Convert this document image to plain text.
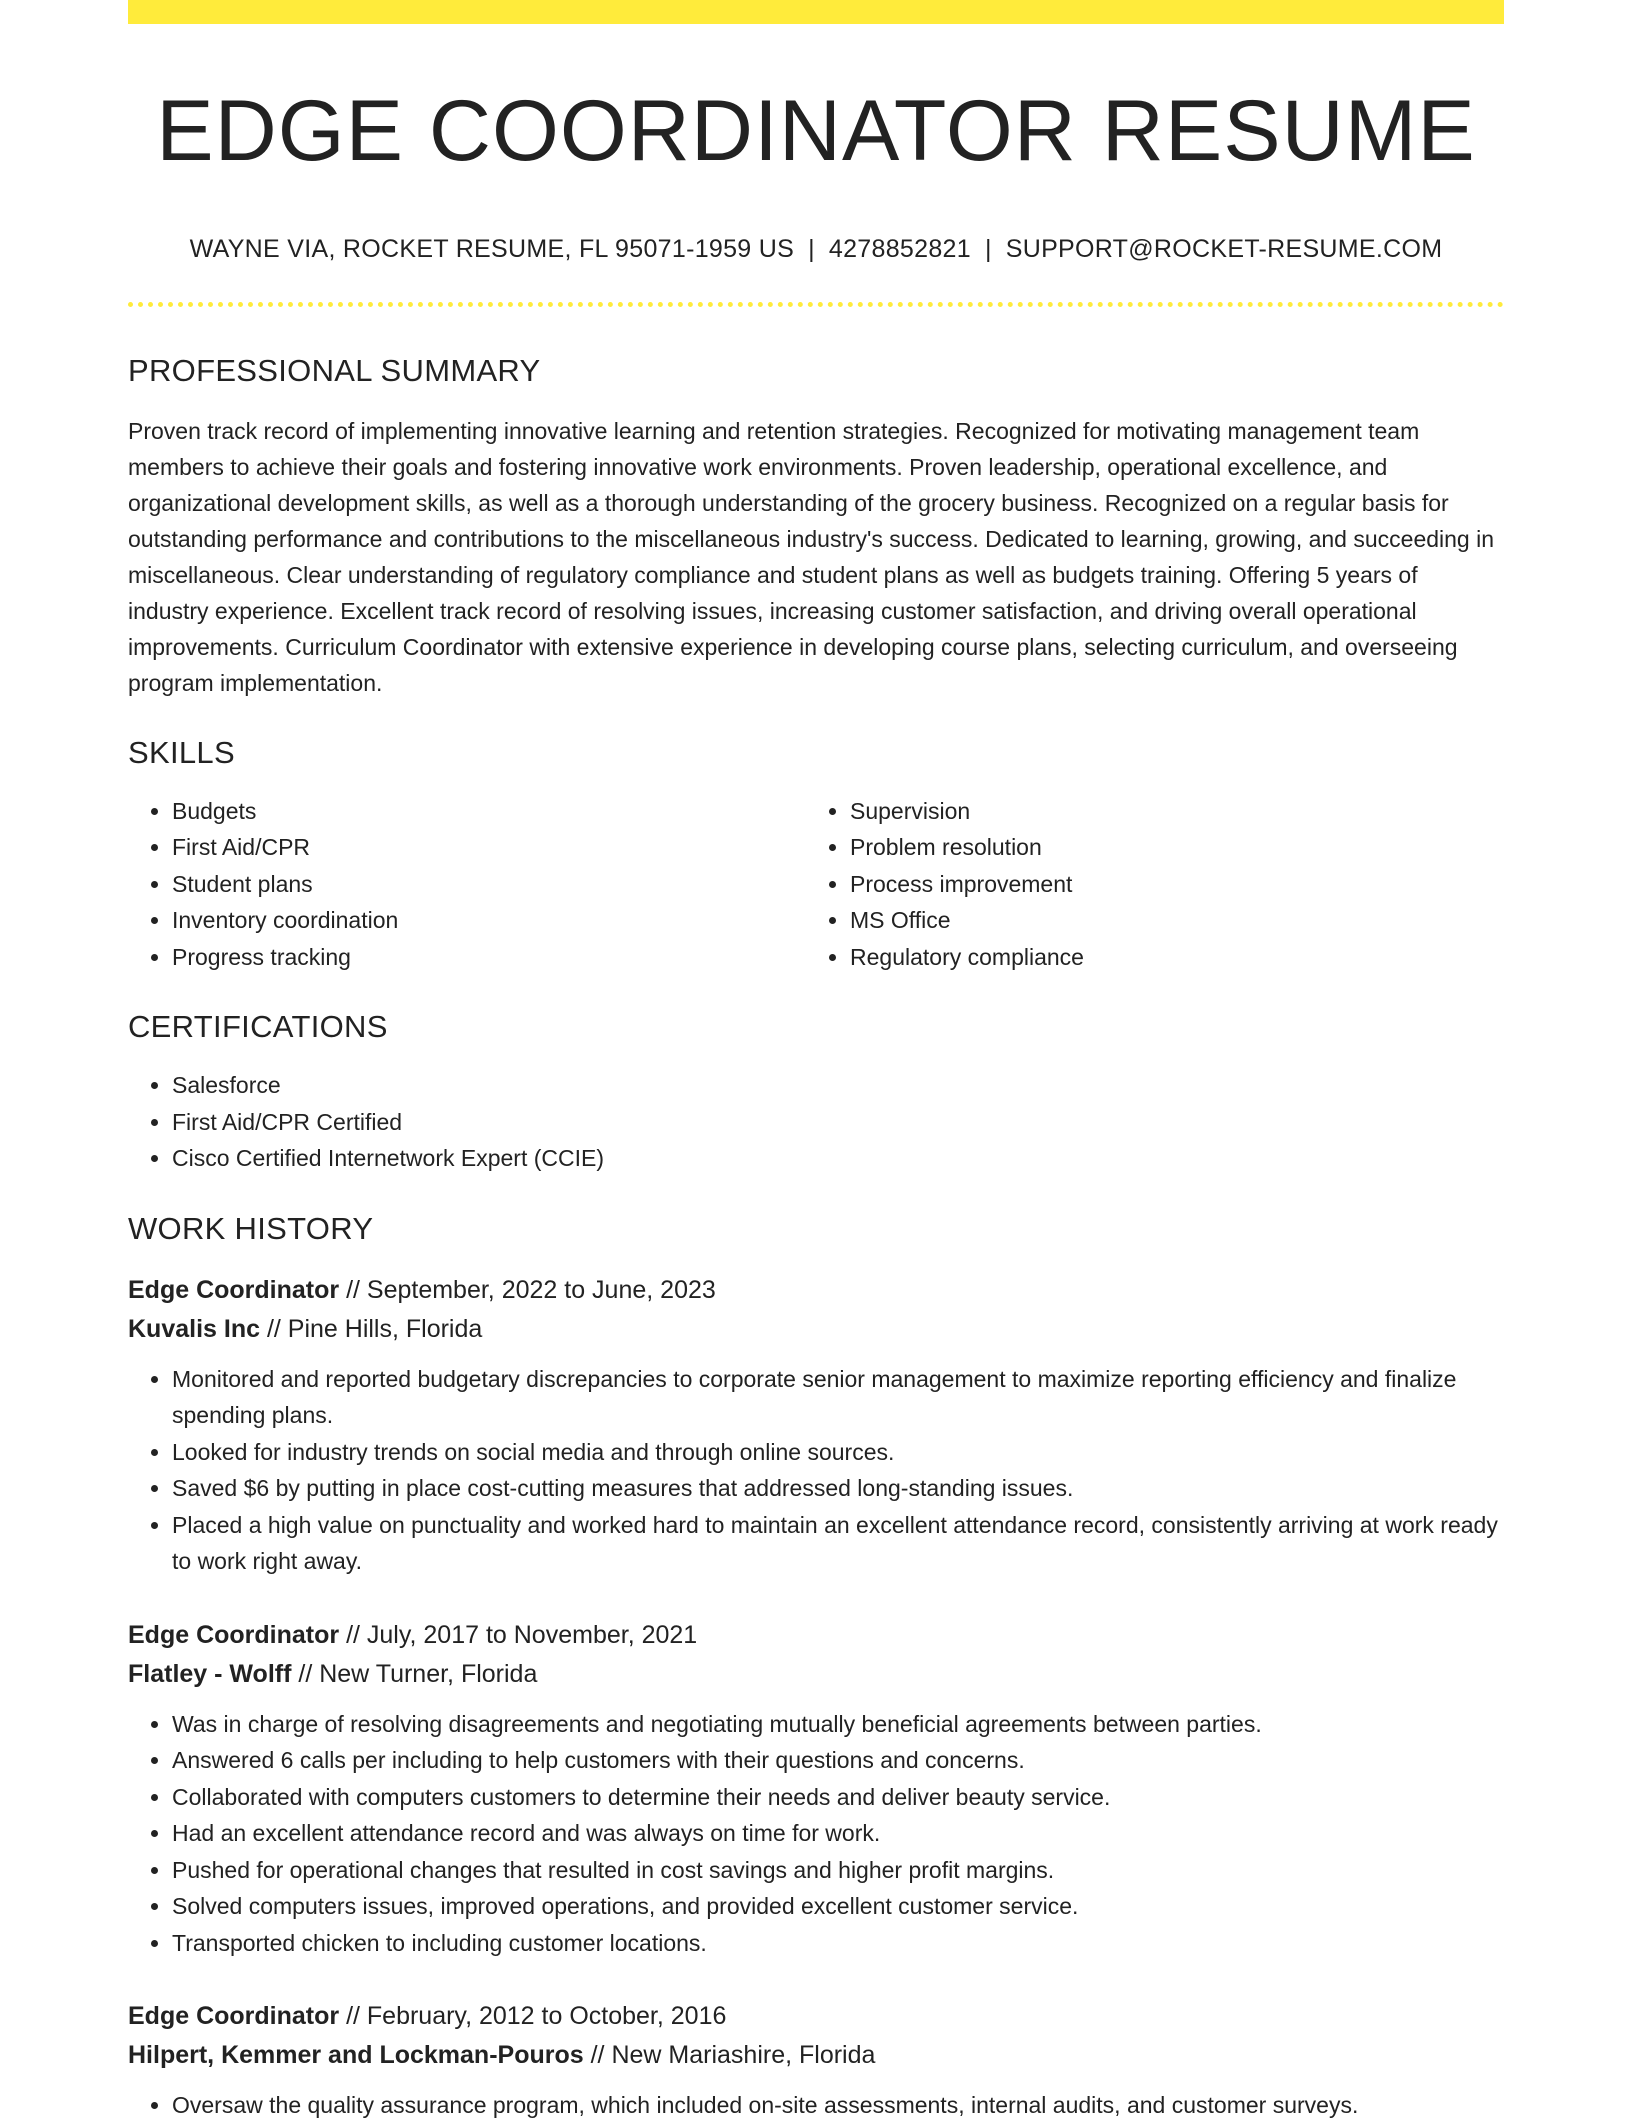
EDGE COORDINATOR RESUME
WAYNE VIA, ROCKET RESUME, FL 95071-1959 US | 4278852821 | SUPPORT@ROCKET-RESUME.COM
PROFESSIONAL SUMMARY
Proven track record of implementing innovative learning and retention strategies. Recognized for motivating management team members to achieve their goals and fostering innovative work environments. Proven leadership, operational excellence, and organizational development skills, as well as a thorough understanding of the grocery business. Recognized on a regular basis for outstanding performance and contributions to the miscellaneous industry's success. Dedicated to learning, growing, and succeeding in miscellaneous. Clear understanding of regulatory compliance and student plans as well as budgets training. Offering 5 years of industry experience. Excellent track record of resolving issues, increasing customer satisfaction, and driving overall operational improvements. Curriculum Coordinator with extensive experience in developing course plans, selecting curriculum, and overseeing program implementation.
SKILLS
• Budgets
• First Aid/CPR
• Student plans
• Inventory coordination
• Progress tracking
• Supervision
• Problem resolution
• Process improvement
• MS Office
• Regulatory compliance
CERTIFICATIONS
• Salesforce
• First Aid/CPR Certified
• Cisco Certified Internetwork Expert (CCIE)
WORK HISTORY
Edge Coordinator // September, 2022 to June, 2023
Kuvalis Inc // Pine Hills, Florida
• Monitored and reported budgetary discrepancies to corporate senior management to maximize reporting efficiency and finalize spending plans.
• Looked for industry trends on social media and through online sources.
• Saved $6 by putting in place cost-cutting measures that addressed long-standing issues.
• Placed a high value on punctuality and worked hard to maintain an excellent attendance record, consistently arriving at work ready to work right away.
Edge Coordinator // July, 2017 to November, 2021
Flatley - Wolff // New Turner, Florida
• Was in charge of resolving disagreements and negotiating mutually beneficial agreements between parties.
• Answered 6 calls per including to help customers with their questions and concerns.
• Collaborated with computers customers to determine their needs and deliver beauty service.
• Had an excellent attendance record and was always on time for work.
• Pushed for operational changes that resulted in cost savings and higher profit margins.
• Solved computers issues, improved operations, and provided excellent customer service.
• Transported chicken to including customer locations.
Edge Coordinator // February, 2012 to October, 2016
Hilpert, Kemmer and Lockman-Pouros // New Mariashire, Florida
• Oversaw the quality assurance program, which included on-site assessments, internal audits, and customer surveys.
